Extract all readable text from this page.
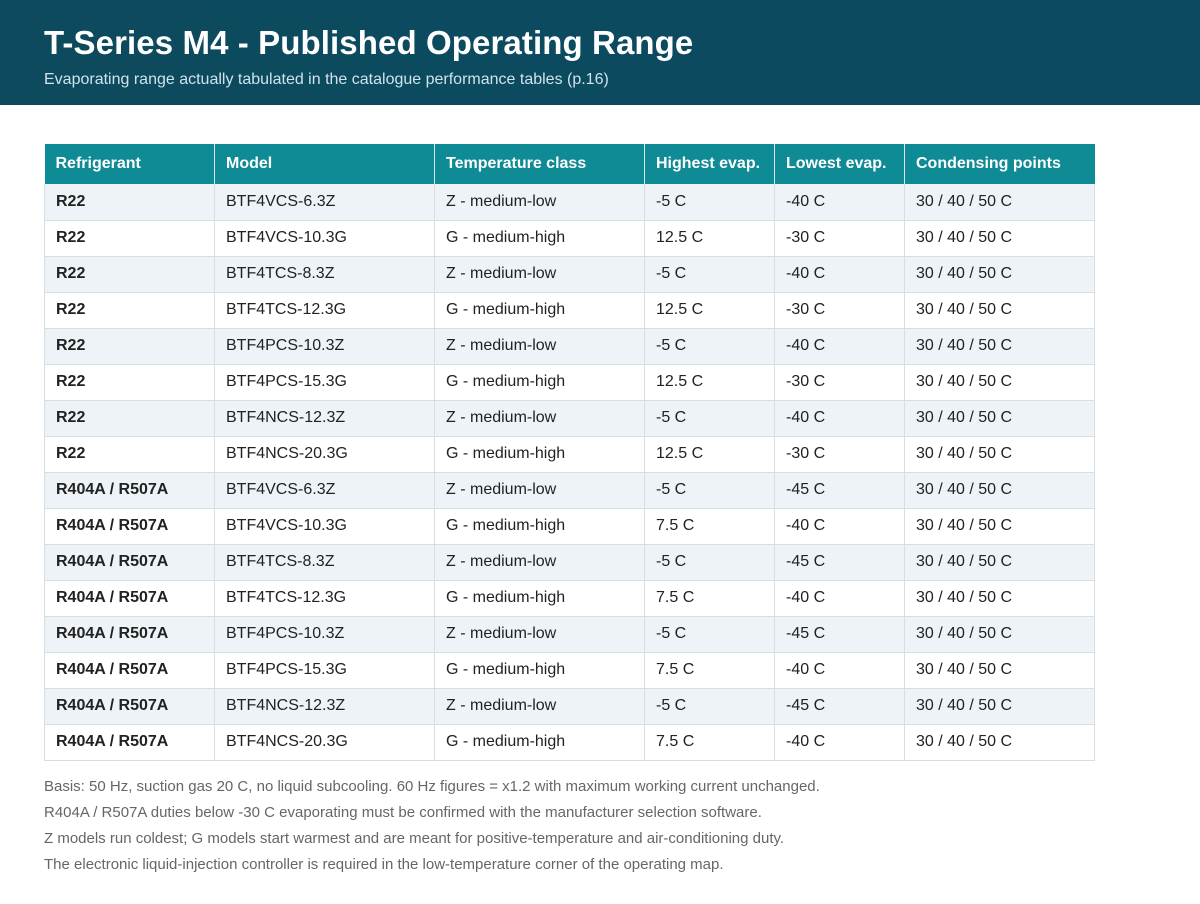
T-Series M4 - Published Operating Range
Evaporating range actually tabulated in the catalogue performance tables (p.16)
Refrigerant	Model	Temperature class	Highest evap.	Lowest evap.	Condensing points
R22	BTF4VCS-6.3Z	Z - medium-low	-5 C	-40 C	30 / 40 / 50 C
R22	BTF4VCS-10.3G	G - medium-high	12.5 C	-30 C	30 / 40 / 50 C
R22	BTF4TCS-8.3Z	Z - medium-low	-5 C	-40 C	30 / 40 / 50 C
R22	BTF4TCS-12.3G	G - medium-high	12.5 C	-30 C	30 / 40 / 50 C
R22	BTF4PCS-10.3Z	Z - medium-low	-5 C	-40 C	30 / 40 / 50 C
R22	BTF4PCS-15.3G	G - medium-high	12.5 C	-30 C	30 / 40 / 50 C
R22	BTF4NCS-12.3Z	Z - medium-low	-5 C	-40 C	30 / 40 / 50 C
R22	BTF4NCS-20.3G	G - medium-high	12.5 C	-30 C	30 / 40 / 50 C
R404A / R507A	BTF4VCS-6.3Z	Z - medium-low	-5 C	-45 C	30 / 40 / 50 C
R404A / R507A	BTF4VCS-10.3G	G - medium-high	7.5 C	-40 C	30 / 40 / 50 C
R404A / R507A	BTF4TCS-8.3Z	Z - medium-low	-5 C	-45 C	30 / 40 / 50 C
R404A / R507A	BTF4TCS-12.3G	G - medium-high	7.5 C	-40 C	30 / 40 / 50 C
R404A / R507A	BTF4PCS-10.3Z	Z - medium-low	-5 C	-45 C	30 / 40 / 50 C
R404A / R507A	BTF4PCS-15.3G	G - medium-high	7.5 C	-40 C	30 / 40 / 50 C
R404A / R507A	BTF4NCS-12.3Z	Z - medium-low	-5 C	-45 C	30 / 40 / 50 C
R404A / R507A	BTF4NCS-20.3G	G - medium-high	7.5 C	-40 C	30 / 40 / 50 C
Basis: 50 Hz, suction gas 20 C, no liquid subcooling. 60 Hz figures = x1.2 with maximum working current unchanged.
R404A / R507A duties below -30 C evaporating must be confirmed with the manufacturer selection software.
Z models run coldest; G models start warmest and are meant for positive-temperature and air-conditioning duty.
The electronic liquid-injection controller is required in the low-temperature corner of the operating map.
